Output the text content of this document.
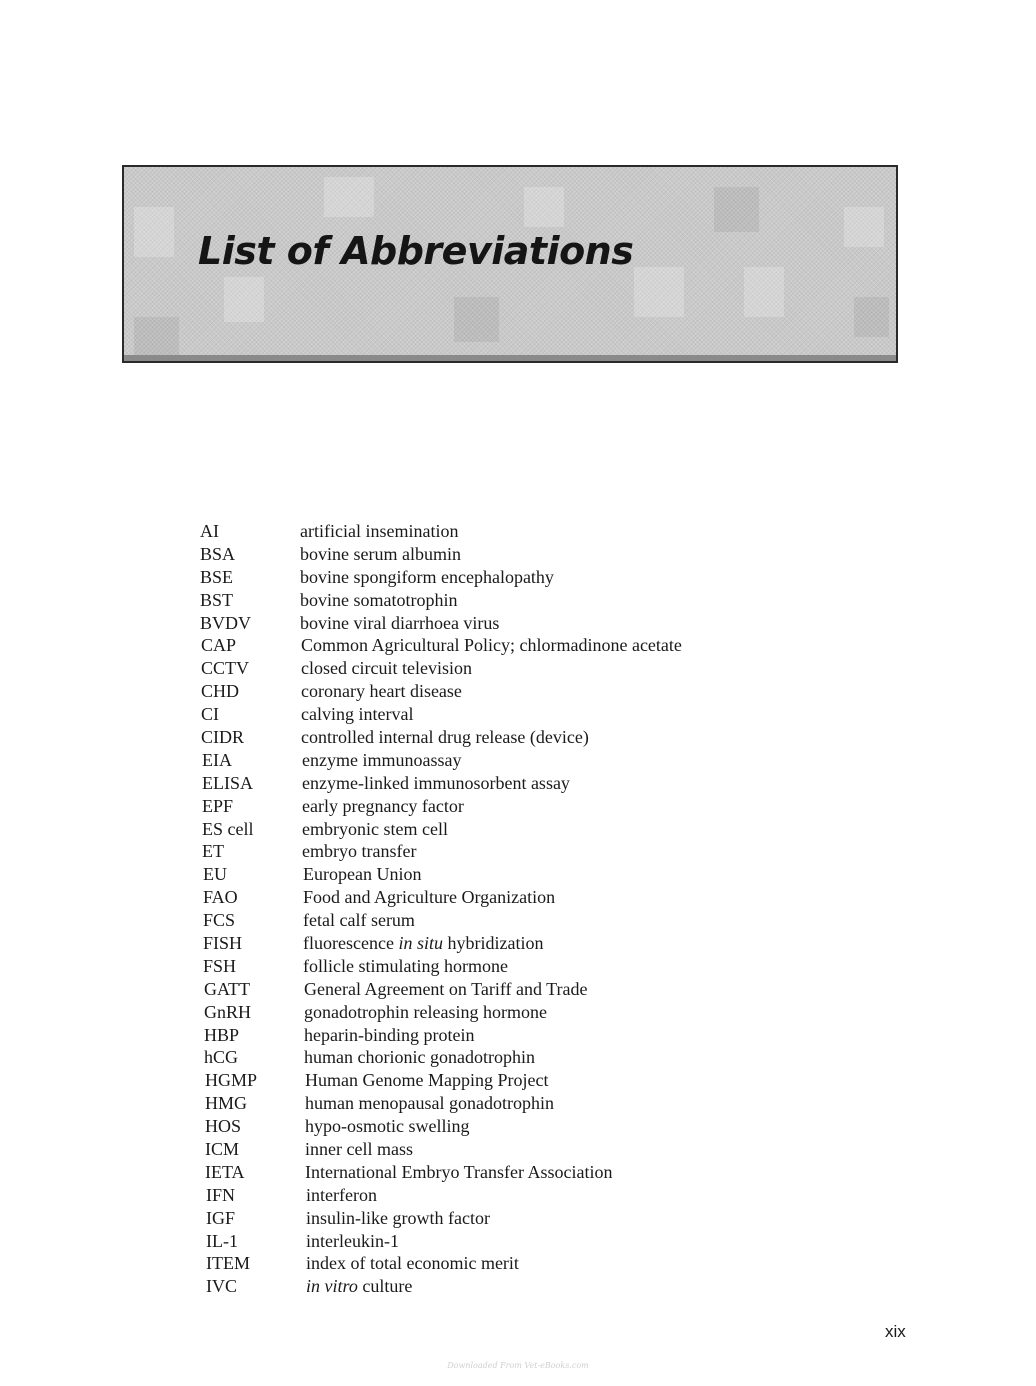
List of Abbreviations
AI	artificial insemination
BSA	bovine serum albumin
BSE	bovine spongiform encephalopathy
BST	bovine somatotrophin
BVDV	bovine viral diarrhoea virus
CAP	Common Agricultural Policy; chlormadinone acetate
CCTV	closed circuit television
CHD	coronary heart disease
CI	calving interval
CIDR	controlled internal drug release (device)
EIA	enzyme immunoassay
ELISA	enzyme-linked immunosorbent assay
EPF	early pregnancy factor
ES cell	embryonic stem cell
ET	embryo transfer
EU	European Union
FAO	Food and Agriculture Organization
FCS	fetal calf serum
FISH	fluorescence in situ hybridization
FSH	follicle stimulating hormone
GATT	General Agreement on Tariff and Trade
GnRH	gonadotrophin releasing hormone
HBP	heparin-binding protein
hCG	human chorionic gonadotrophin
HGMP	Human Genome Mapping Project
HMG	human menopausal gonadotrophin
HOS	hypo-osmotic swelling
ICM	inner cell mass
IETA	International Embryo Transfer Association
IFN	interferon
IGF	insulin-like growth factor
IL-1	interleukin-1
ITEM	index of total economic merit
IVC	in vitro culture
xix
Downloaded From Vet-eBooks.com
